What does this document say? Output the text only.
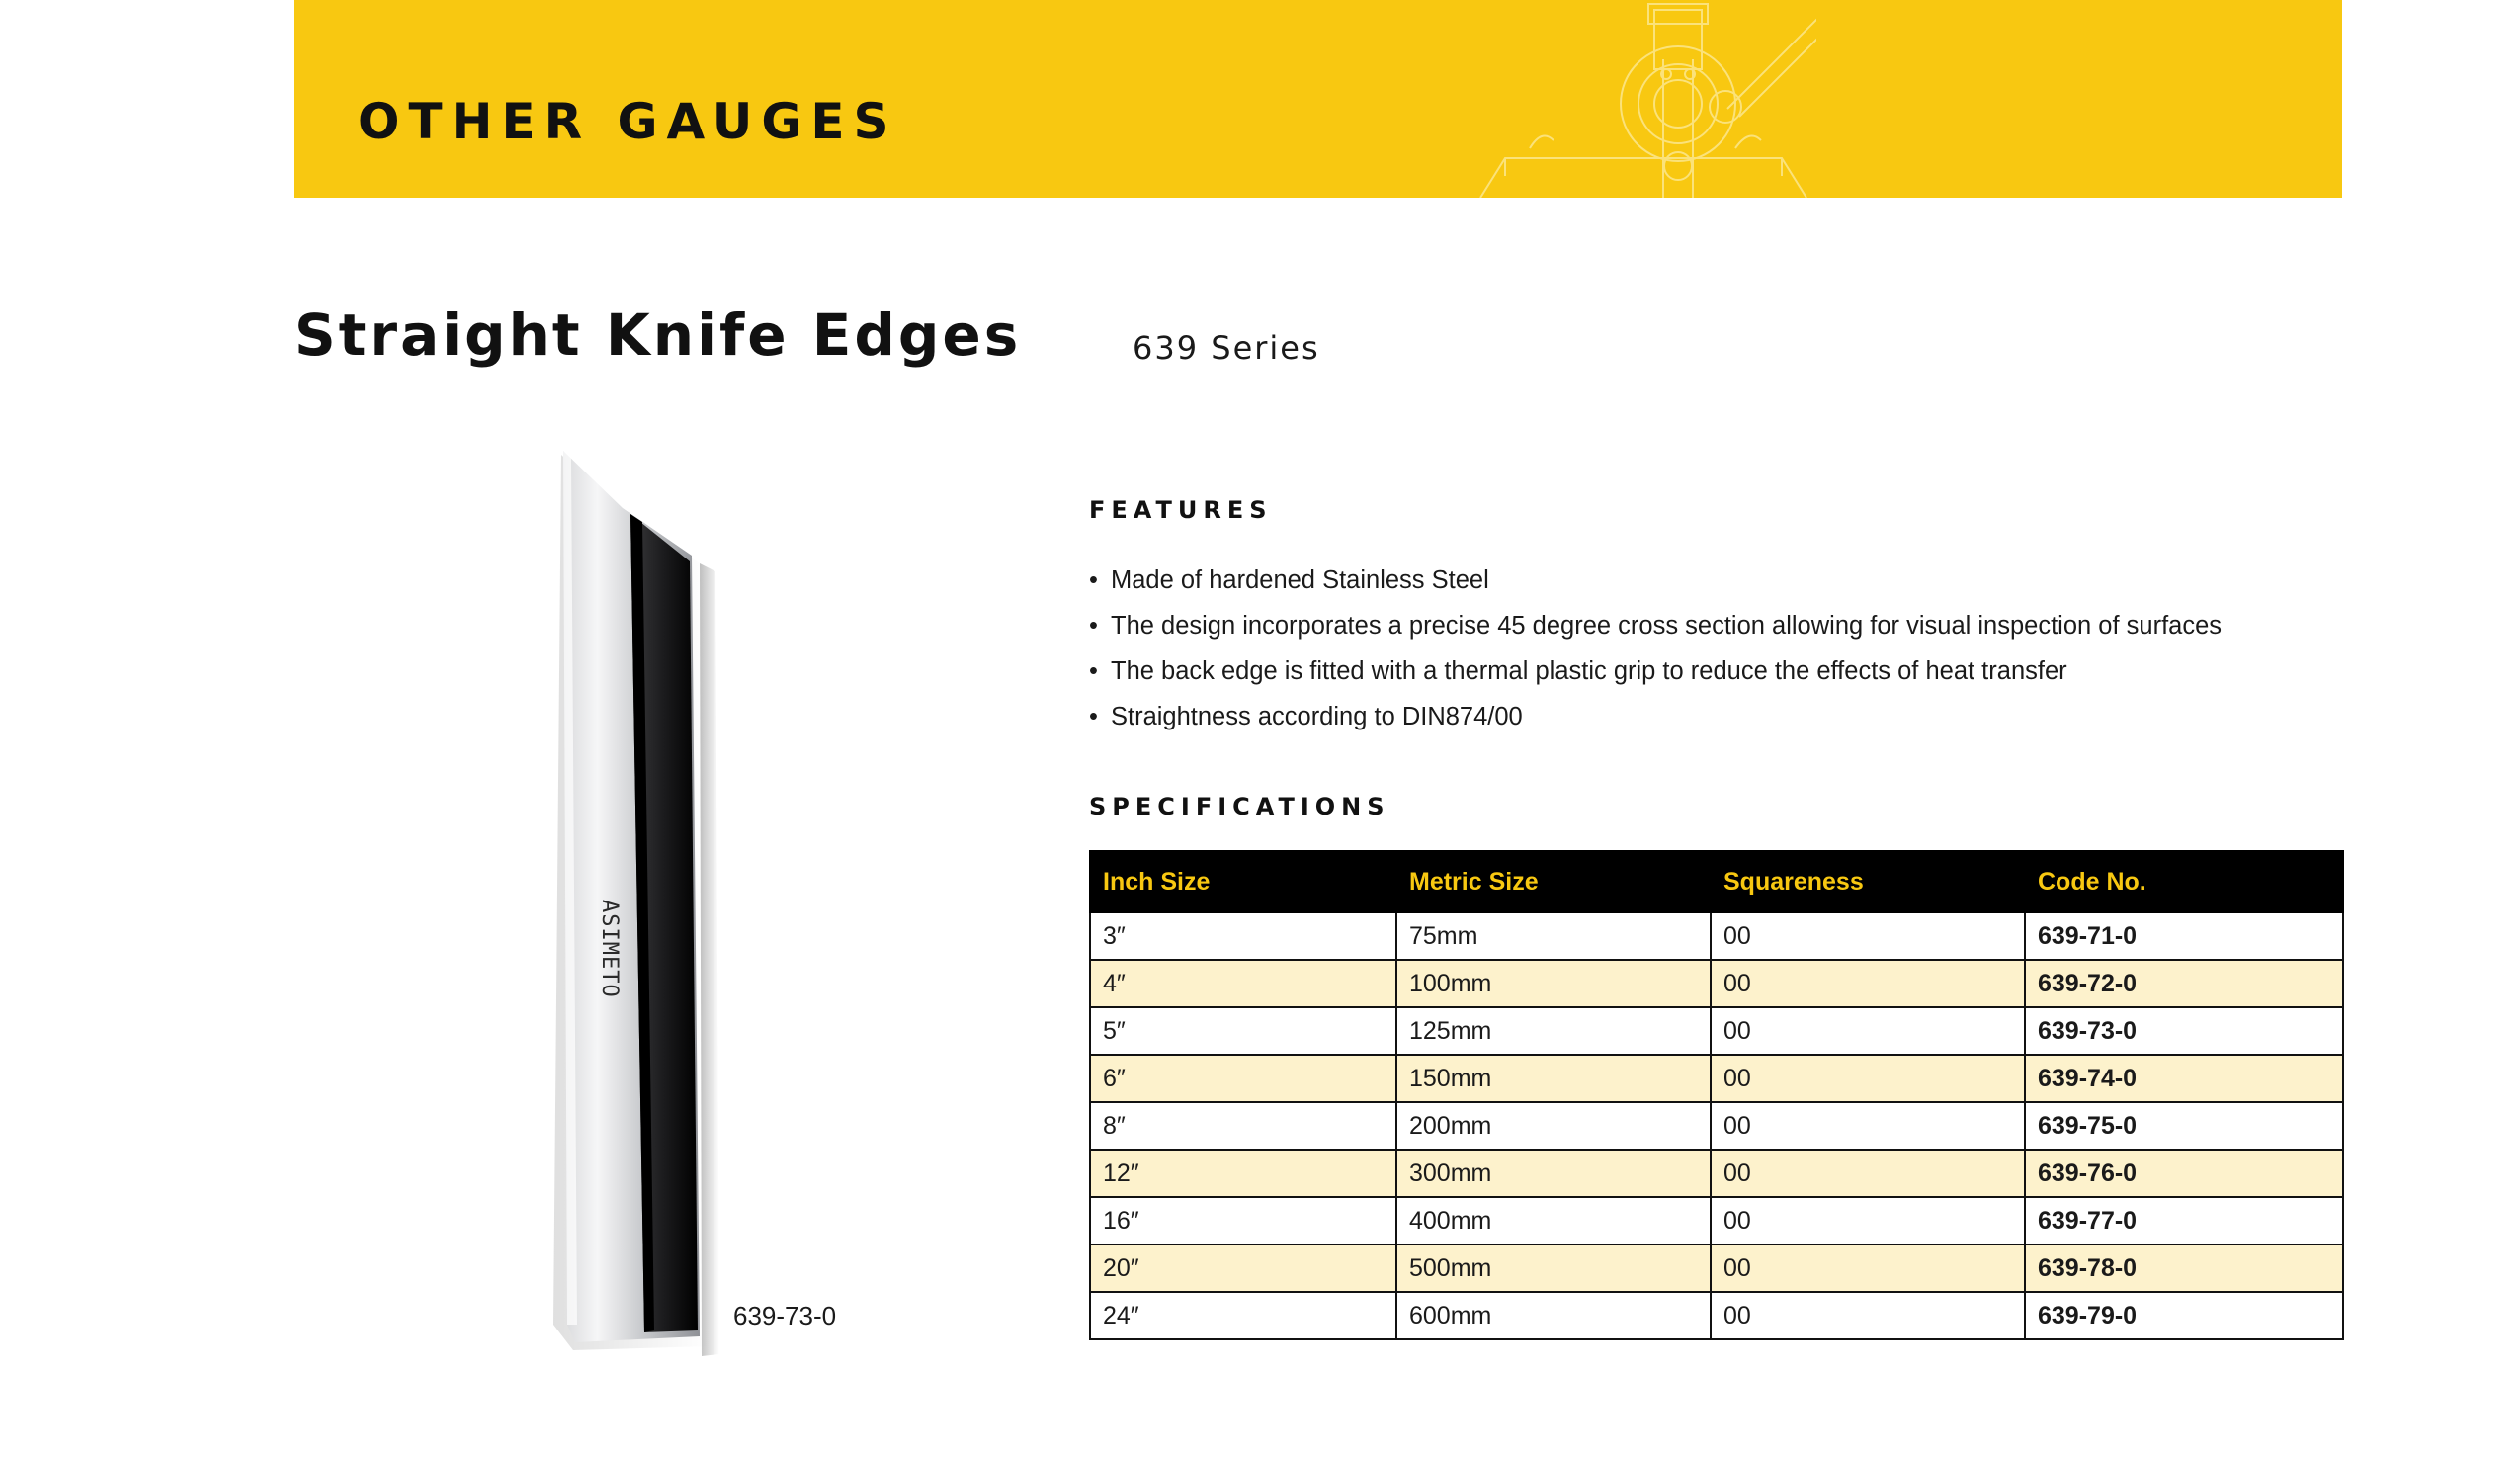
OTHER GAUGES
Straight Knife Edges	639 Series
ASIMETO
639-73-0
FEATURES
• Made of hardened Stainless Steel
• The design incorporates a precise 45 degree cross section allowing for visual inspection of surfaces
• The back edge is fitted with a thermal plastic grip to reduce the effects of heat transfer
• Straightness according to DIN874/00
SPECIFICATIONS
Inch Size	Metric Size	Squareness	Code No.
3″	75mm	00	639-71-0
4″	100mm	00	639-72-0
5″	125mm	00	639-73-0
6″	150mm	00	639-74-0
8″	200mm	00	639-75-0
12″	300mm	00	639-76-0
16″	400mm	00	639-77-0
20″	500mm	00	639-78-0
24″	600mm	00	639-79-0
